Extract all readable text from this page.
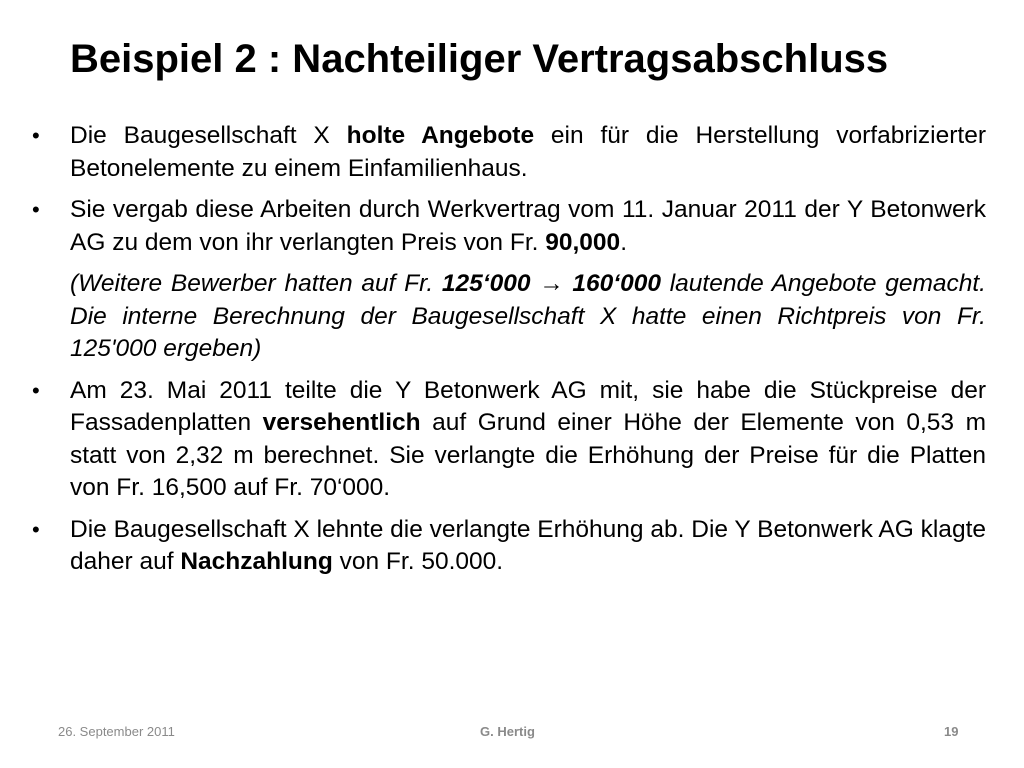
Beispiel 2 : Nachteiliger Vertragsabschluss
• Die Baugesellschaft X holte Angebote ein für die Herstellung vorfabrizierter Betonelemente zu einem Einfamilienhaus.
• Sie vergab diese Arbeiten durch Werkvertrag vom 11. Januar 2011 der Y Betonwerk AG zu dem von ihr verlangten Preis von Fr. 90,000.
(Weitere Bewerber hatten auf Fr. 125‘000 → 160‘000 lautende Angebote gemacht. Die interne Berechnung der Baugesellschaft X hatte einen Richtpreis von Fr. 125'000 ergeben)
• Am 23. Mai 2011 teilte die Y Betonwerk AG mit, sie habe die Stückpreise der Fassadenplatten versehentlich auf Grund einer Höhe der Elemente von 0,53 m statt von 2,32 m berechnet. Sie verlangte die Erhöhung der Preise für die Platten von Fr. 16,500 auf Fr. 70‘000.
• Die Baugesellschaft X lehnte die verlangte Erhöhung ab. Die Y Betonwerk AG klagte daher auf Nachzahlung von Fr. 50.000.
26. September 2011	G. Hertig	19
